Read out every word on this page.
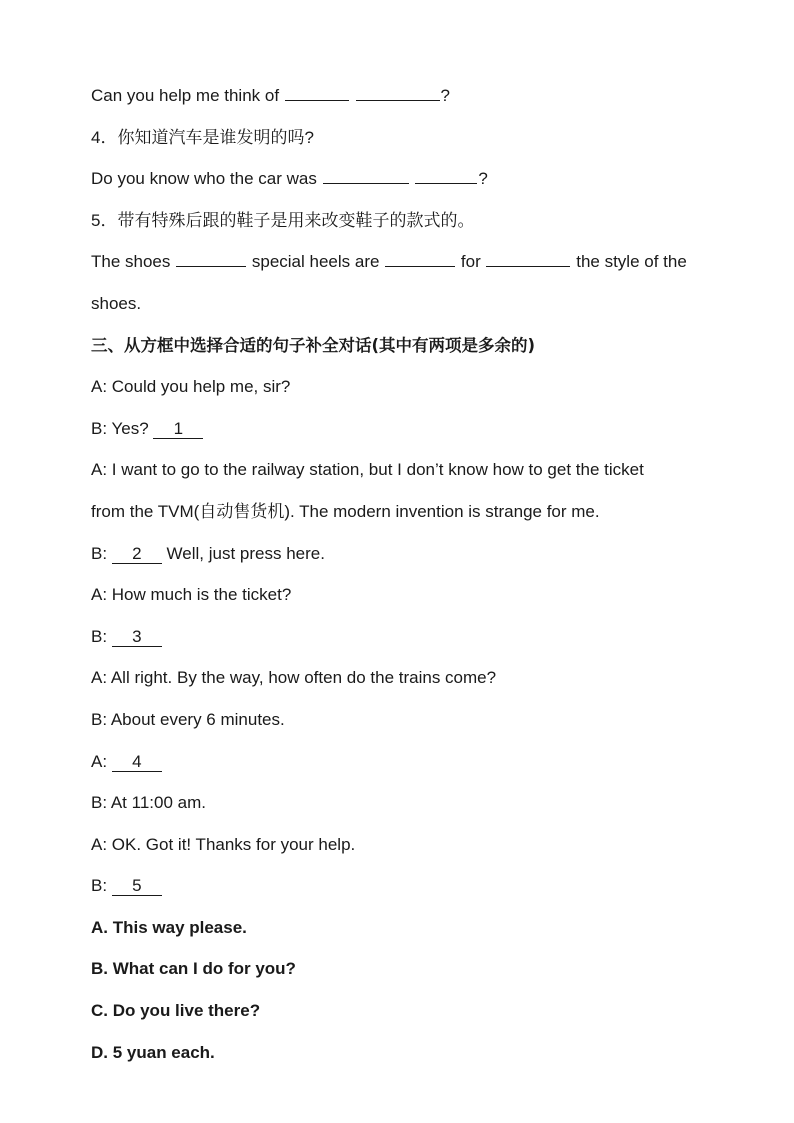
Can you help me think of	?
4．你知道汽车是谁发明的吗?
Do you know who the car was	?
5．带有特殊后跟的鞋子是用来改变鞋子的款式的。
The shoes	special heels are	for	the style of the
shoes.
三、从方框中选择合适的句子补全对话(其中有两项是多余的)
A: Could you help me, sir?
B: Yes? 1
A: I want to go to the railway station, but I don’t know how to get the ticket
from the TVM(自动售货机). The modern invention is strange for me.
B: 2 Well, just press here.
A: How much is the ticket?
B: 3
A: All right. By the way, how often do the trains come?
B: About every 6 minutes.
A: 4
B: At 11:00 am.
A: OK. Got it! Thanks for your help.
B: 5
A. This way please.
B. What can I do for you?
C. Do you live there?
D. 5 yuan each.
